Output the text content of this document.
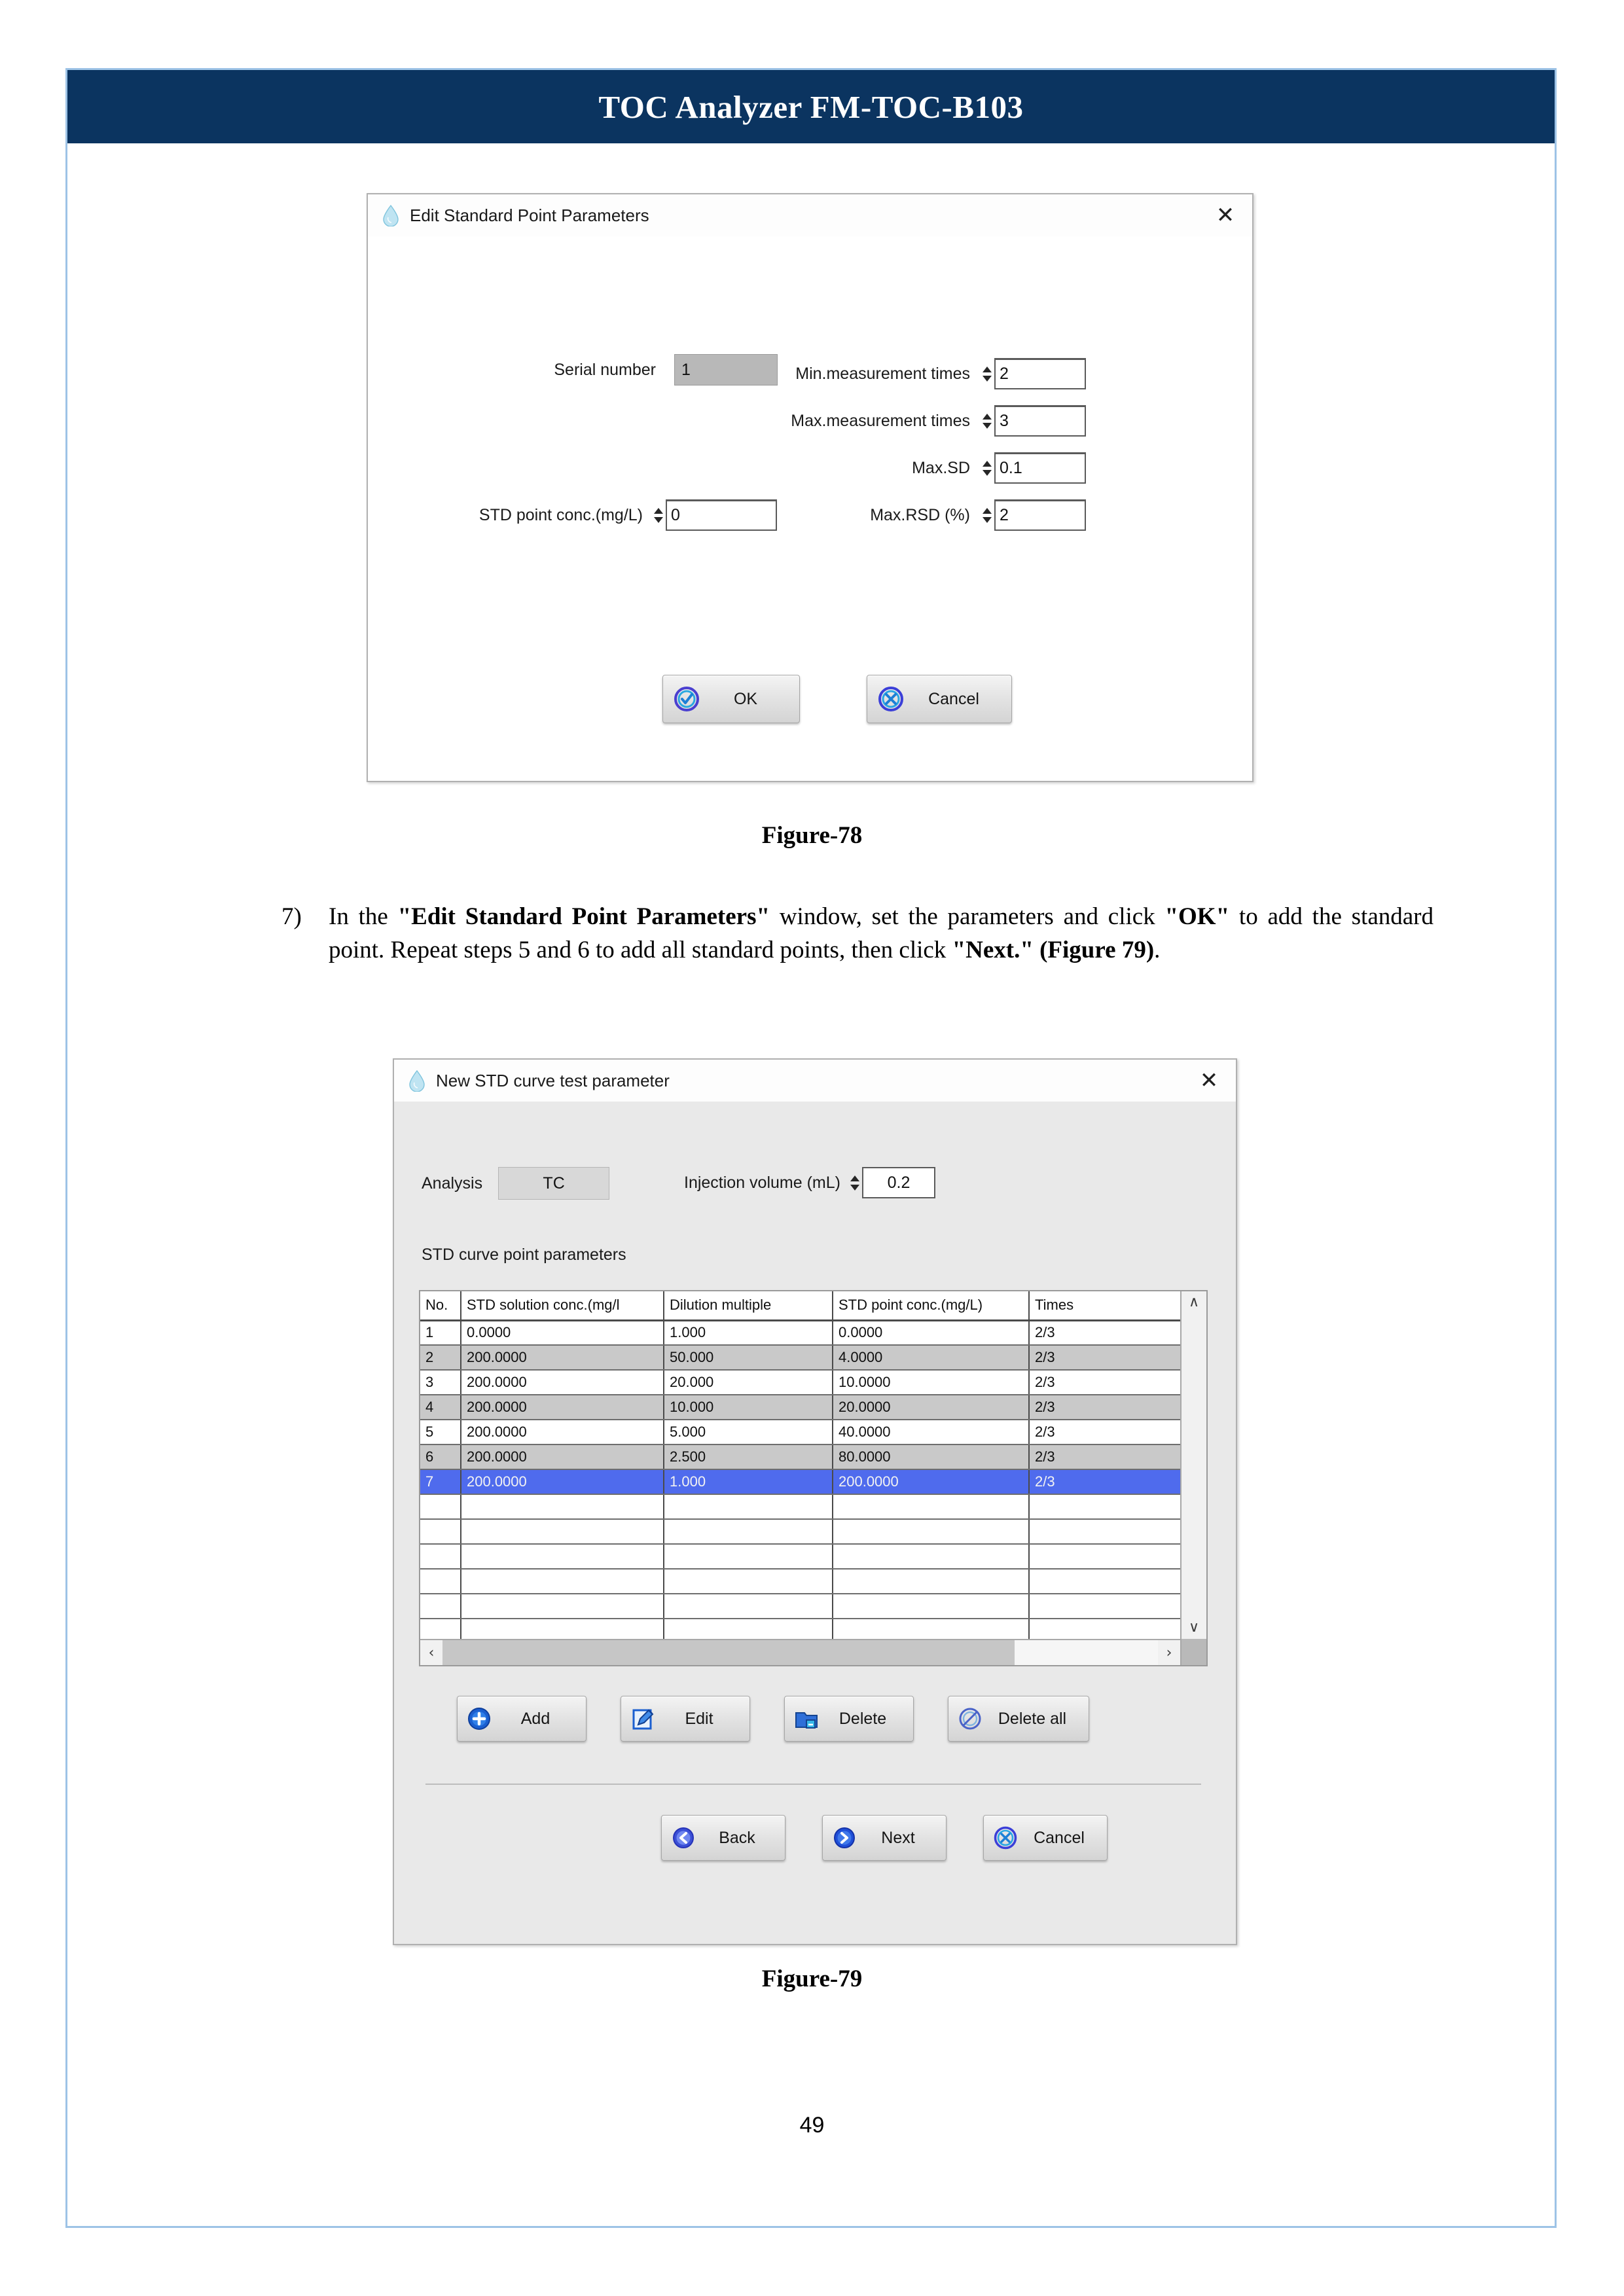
TOC Analyzer FM-TOC-B103
Edit Standard Point Parameters	✕
Serial number	1	Min.measurement times	2
Max.measurement times	3
Max.SD	0.1
Max.RSD (%)	2
STD point conc.(mg/L)	0
OK	Cancel
Figure-78
7) In the "Edit Standard Point Parameters" window, set the parameters and click "OK" to add the standard point. Repeat steps 5 and 6 to add all standard points, then click "Next." (Figure 79).
New STD curve test parameter	✕
Analysis	TC	Injection volume (mL)	0.2
STD curve point parameters
No.	STD solution conc.(mg/l	Dilution multiple	STD point conc.(mg/L)	Times
1	0.0000	1.000	0.0000	2/3
2	200.0000	50.000	4.0000	2/3
3	200.0000	20.000	10.0000	2/3
4	200.0000	10.000	20.0000	2/3
5	200.0000	5.000	40.0000	2/3
6	200.0000	2.500	80.0000	2/3
7	200.0000	1.000	200.0000	2/3

∧
∨
‹	›
Add	Edit	Delete	Delete all
Back	Next	Cancel
Figure-79
49
